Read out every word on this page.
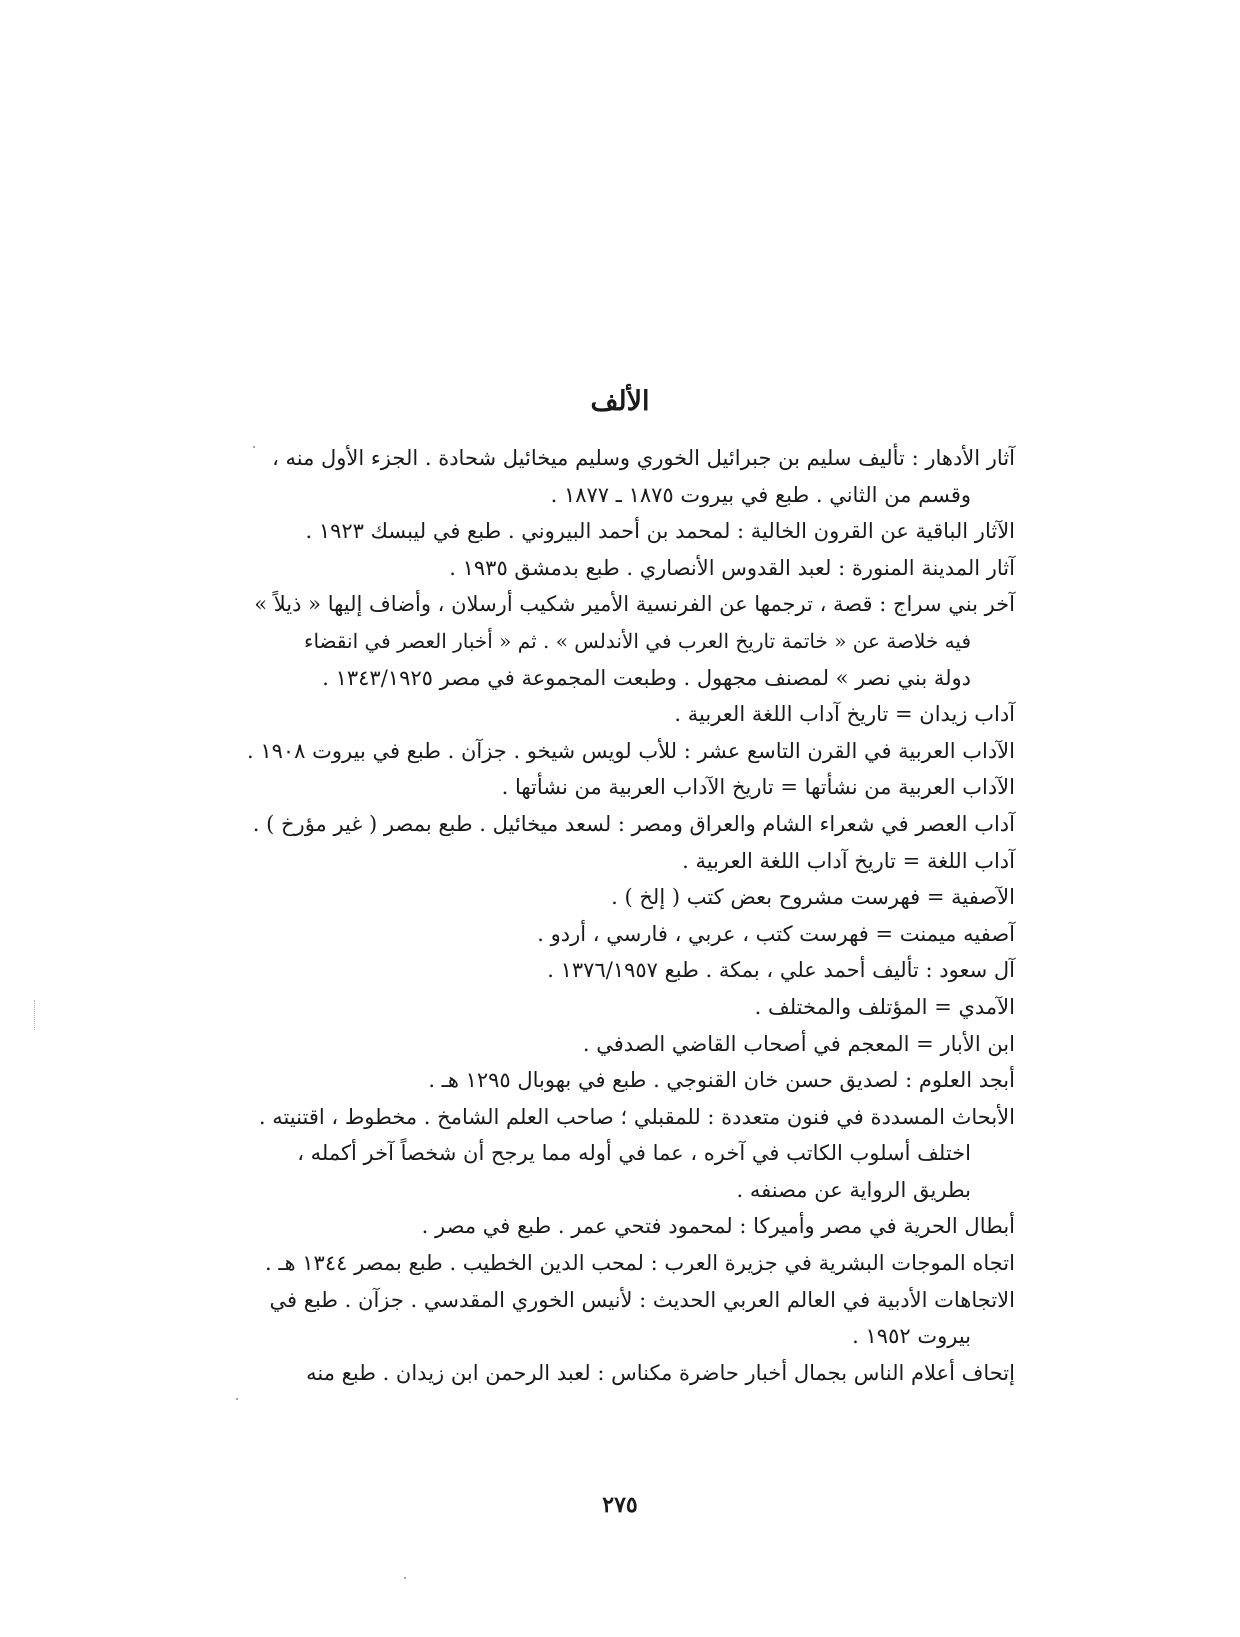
الألف
آثار الأدهار : تأليف سليم بن جبرائيل الخوري وسليم ميخائيل شحادة . الجزء الأول منه ،
وقسم من الثاني . طبع في بيروت ١٨٧٥ ـ ١٨٧٧ .
الآثار الباقية عن القرون الخالية : لمحمد بن أحمد البيروني . طبع في ليبسك ١٩٢٣ .
آثار المدينة المنورة : لعبد القدوس الأنصاري . طبع بدمشق ١٩٣٥ .
آخر بني سراج : قصة ، ترجمها عن الفرنسية الأمير شكيب أرسلان ، وأضاف إليها « ذيلاً »
فيه خلاصة عن « خاتمة تاريخ العرب في الأندلس » . ثم « أخبار العصر في انقضاء
دولة بني نصر » لمصنف مجهول . وطبعت المجموعة في مصر ١٣٤٣/١٩٢٥ .
آداب زيدان = تاريخ آداب اللغة العربية .
الآداب العربية في القرن التاسع عشر : للأب لويس شيخو . جزآن . طبع في بيروت ١٩٠٨ .
الآداب العربية من نشأتها = تاريخ الآداب العربية من نشأتها .
آداب العصر في شعراء الشام والعراق ومصر : لسعد ميخائيل . طبع بمصر ( غير مؤرخ ) .
آداب اللغة = تاريخ آداب اللغة العربية .
الآصفية = فهرست مشروح بعض كتب ( إلخ ) .
آصفيه ميمنت = فهرست كتب ، عربي ، فارسي ، أردو .
آل سعود : تأليف أحمد علي ، بمكة . طبع ١٣٧٦/١٩٥٧ .
الآمدي = المؤتلف والمختلف .
ابن الأبار = المعجم في أصحاب القاضي الصدفي .
أبجد العلوم : لصديق حسن خان القنوجي . طبع في بهوبال ١٢٩٥ هـ .
الأبحاث المسددة في فنون متعددة : للمقبلي ؛ صاحب العلم الشامخ . مخطوط ، اقتنيته .
اختلف أسلوب الكاتب في آخره ، عما في أوله مما يرجح أن شخصاً آخر أكمله ،
بطريق الرواية عن مصنفه .
أبطال الحرية في مصر وأميركا : لمحمود فتحي عمر . طبع في مصر .
اتجاه الموجات البشرية في جزيرة العرب : لمحب الدين الخطيب . طبع بمصر ١٣٤٤ هـ .
الاتجاهات الأدبية في العالم العربي الحديث : لأنيس الخوري المقدسي . جزآن . طبع في
بيروت ١٩٥٢ .
إتحاف أعلام الناس بجمال أخبار حاضرة مكناس : لعبد الرحمن ابن زيدان . طبع منه
٢٧٥
